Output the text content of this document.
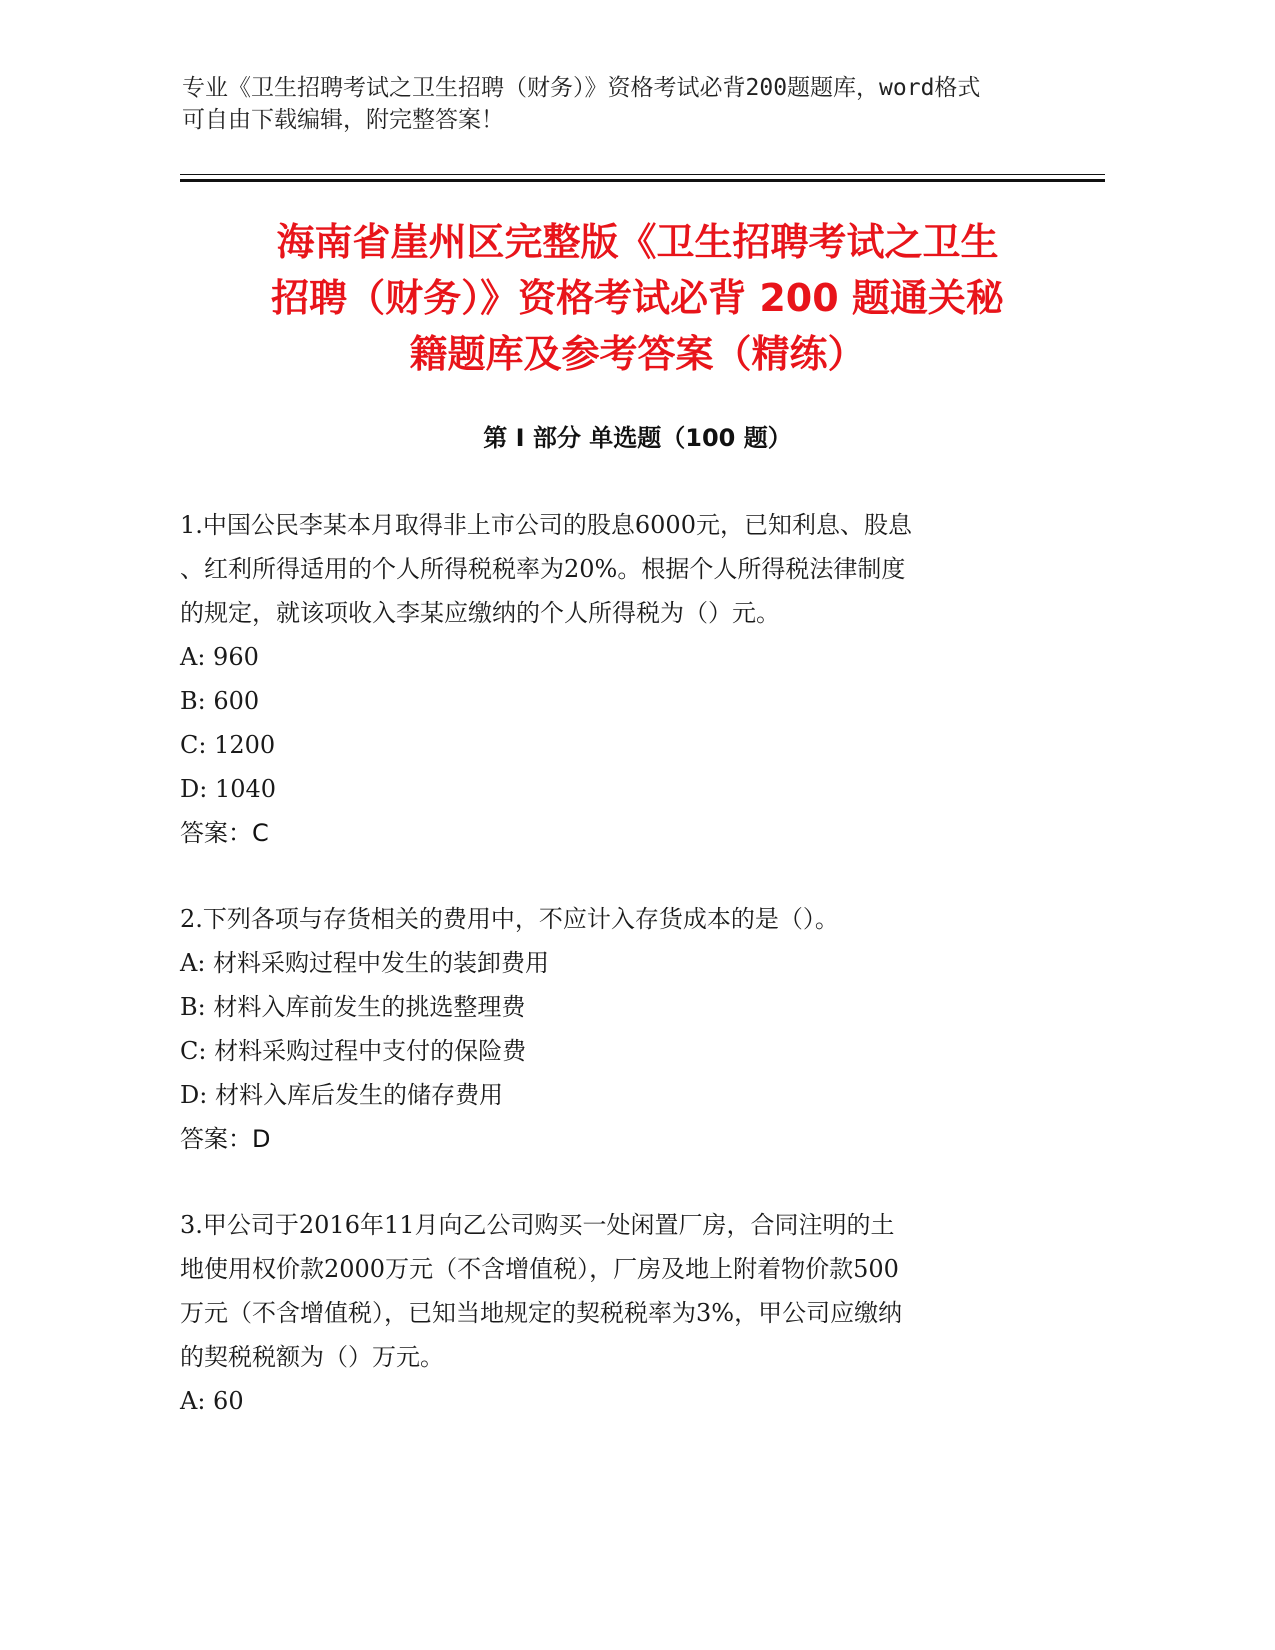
专业《卫生招聘考试之卫生招聘（财务）》资格考试必背200题题库，word格式
可自由下载编辑，附完整答案！
海南省崖州区完整版《卫生招聘考试之卫生
招聘（财务）》资格考试必背 200 题通关秘
籍题库及参考答案（精练）
第 I 部分 单选题（100 题）
1.中国公民李某本月取得非上市公司的股息6000元，已知利息、股息
、红利所得适用的个人所得税税率为20%。根据个人所得税法律制度
的规定，就该项收入李某应缴纳的个人所得税为（）元。
A: 960
B: 600
C: 1200
D: 1040
答案：C
2.下列各项与存货相关的费用中，不应计入存货成本的是（）。
A: 材料采购过程中发生的装卸费用
B: 材料入库前发生的挑选整理费
C: 材料采购过程中支付的保险费
D: 材料入库后发生的储存费用
答案：D
3.甲公司于2016年11月向乙公司购买一处闲置厂房，合同注明的土
地使用权价款2000万元（不含增值税），厂房及地上附着物价款500
万元（不含增值税），已知当地规定的契税税率为3%，甲公司应缴纳
的契税税额为（）万元。
A: 60
